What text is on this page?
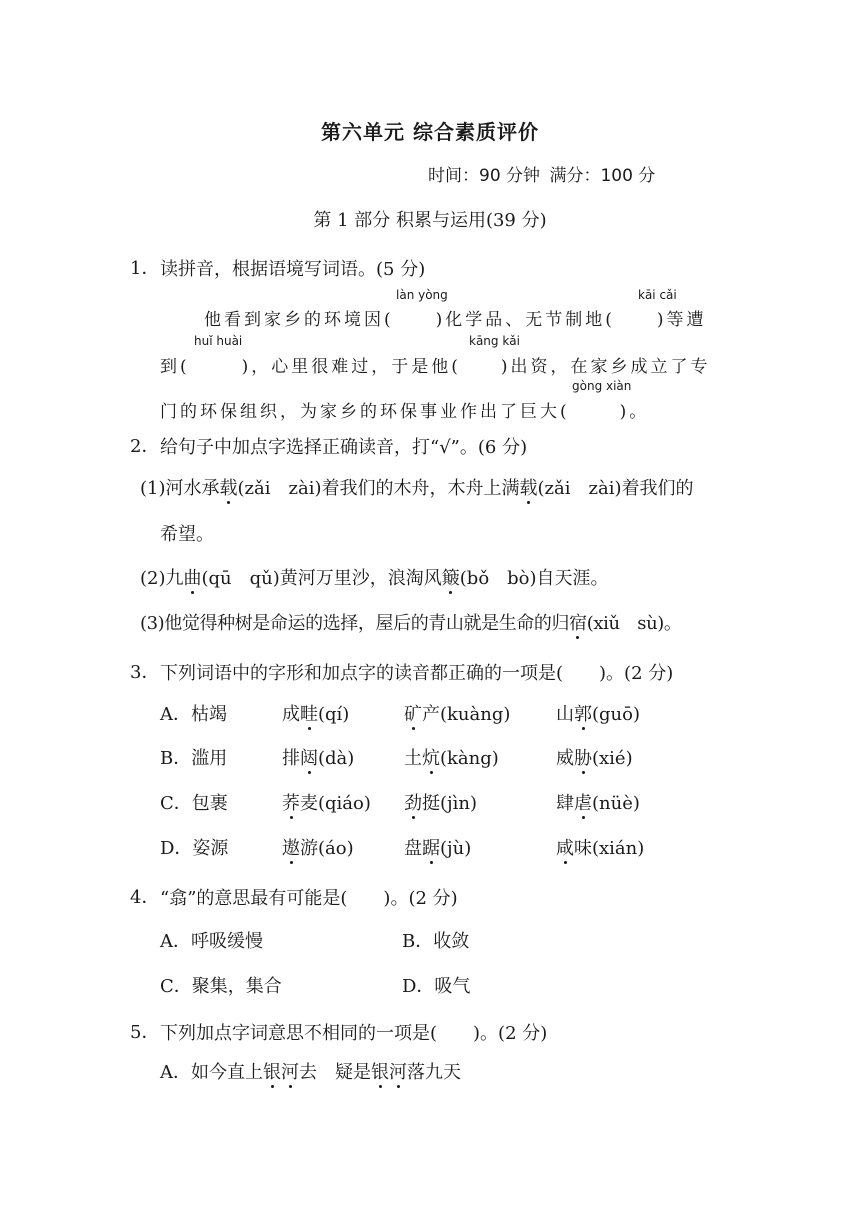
第六单元 综合素质评价
时间：90 分钟 满分：100 分
第 1 部分 积累与运用(39 分)
1． 读拼音，根据语境写词语。(5 分)
làn yòng	kāi cǎi
他看到家乡的环境因( )化学品、无节制地( )等遭
huǐ huài	kāng kǎi
到(	)，心里很难过，于是他( )出资，在家乡成立了专
gòng xiàn
门的环保组织，为家乡的环保事业作出了巨大(	)。
2． 给句子中加点字选择正确读音，打“√”。(6 分)
(1)河水承载(zǎi　zài)着我们的木舟，木舟上满载(zǎi　zài)着我们的
希望。
(2)九曲(qū　qǔ)黄河万里沙，浪淘风簸(bǒ　bò)自天涯。
(3)他觉得种树是命运的选择，屋后的青山就是生命的归宿(xiǔ　sù)。
3． 下列词语中的字形和加点字的读音都正确的一项是(　　)。(2 分)
A．枯竭	成畦(qí)	矿产(kuàng)	山郭(guō)
B．滥用	排闼(dà)	土炕(kàng)	威胁(xié)
C．包裹	荞麦(qiáo) 劲挺(jìn)	肆虐(nüè)
D．姿源	遨游(áo)	盘踞(jù)	咸味(xián)
4． “翕”的意思最有可能是(　　)。(2 分)
A．呼吸缓慢	B．收敛
C．聚集，集合	D．吸气
5． 下列加点字词意思不相同的一项是(　　)。(2 分)
A．如今直上银河去　疑是银河落九天
